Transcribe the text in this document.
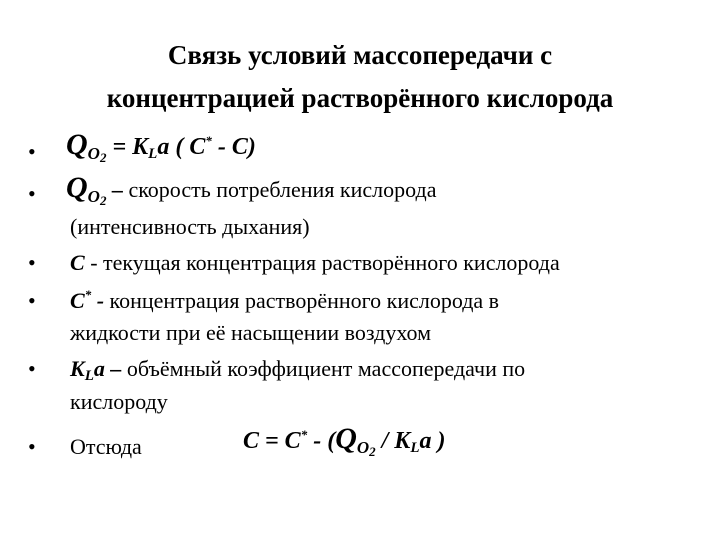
Связь условий массопередачи с
концентрацией растворённого кислорода
• $QO_2$ = KLa ( C* - C)
• $QO_2$ – скорость потребления кислорода
(интенсивность дыхания)
• C - текущая концентрация растворённого кислорода
• C* - концентрация растворённого кислорода в
жидкости при её насыщении воздухом
• KLa – объёмный коэффициент массопередачи по
кислороду
• Отсюда	$C = C^* - (QO_2$ / KLa )
